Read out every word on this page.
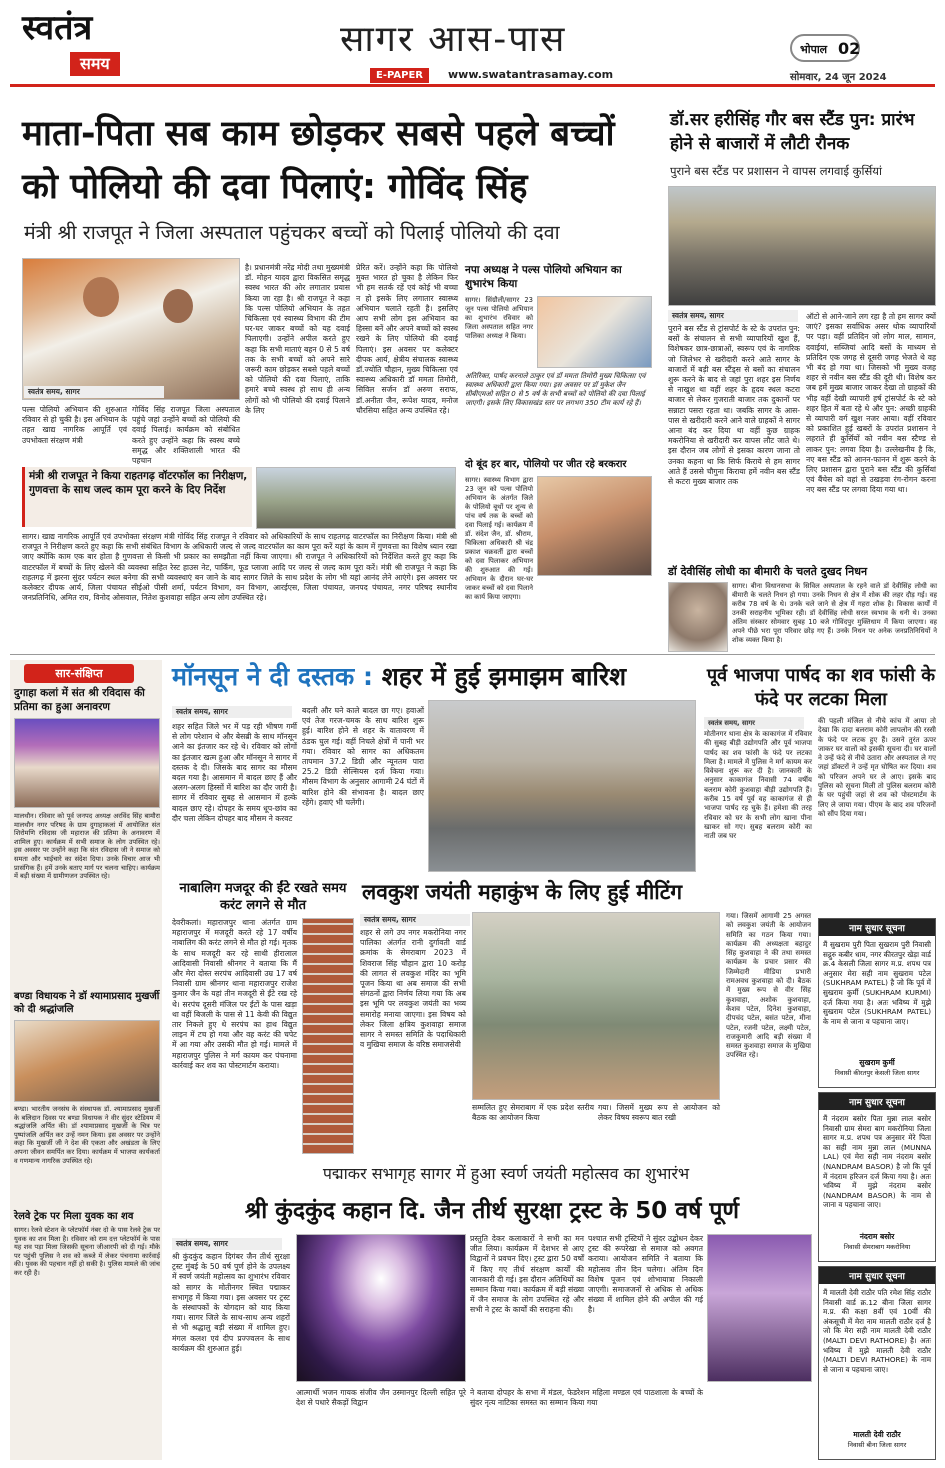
स्वतंत्र
समय
सागर आस-पास
E-PAPER	www.swatantrasamay.com
भोपाल 02
सोमवार, 24 जून 2024
माता-पिता सब काम छोड़कर सबसे पहले बच्चों को पोलियो की दवा पिलाएं: गोविंद सिंह
मंत्री श्री राजपूत ने जिला अस्पताल पहुंचकर बच्चों को पिलाई पोलियो की दवा
स्वतंत्र समय, सागर
पल्स पोलियो अभियान की शुरुआत रविवार से हो चुकी है। इस अभियान के तहत खाद्य नागरिक आपूर्ति एवं उपभोक्ता संरक्षण मंत्री
गोविंद सिंह राजपूत जिला अस्पताल पहुंचे जहां उन्होंने बच्चों को पोलियो की दवाई पिलाई। कार्यक्रम को संबोधित करते हुए उन्होंने कहा कि स्वस्थ बच्चे समृद्ध और शक्तिशाली भारत की पहचान
है। प्रधानमंत्री नरेंद्र मोदी तथा मुख्यमंत्री डॉ. मोहन यादव द्वारा विकसित समृद्ध स्वस्थ भारत की ओर लगातार प्रयास किया जा रहा है। श्री राजपूत ने कहा कि पल्स पोलियो अभियान के तहत चिकित्सा एवं स्वास्थ्य विभाग की टीम घर-घर जाकर बच्चों को यह दवाई पिलाएगी। उन्होंने अपील करते हुए कहा कि सभी माताएं बहन 0 से 5 वर्ष तक के सभी बच्चों को अपने सारे जरूरी काम छोड़कर सबसे पहले बच्चों को पोलियो की दवा पिलाएं, ताकि हमारे बच्चे स्वस्थ हो साथ ही अन्य लोगों को भी पोलियो की दवाई पिलाने के लिए
प्रेरित करें। उन्होंने कहा कि पोलियो मुक्त भारत हो चुका है लेकिन फिर भी हम सतर्क रहें एवं कोई भी बच्चा न हो इसके लिए लगातार स्वास्थ्य अभियान चलाते रहती है। इसलिए आप सभी लोग इस अभियान का हिस्सा बनें और अपने बच्चों को स्वस्थ रखने के लिए पोलियो की दवाई पिलाएं। इस अवसर पर कलेक्टर दीपक आर्य, क्षेत्रीय संचालक स्वास्थ्य डॉ.ज्योति चौहान, मुख्य चिकित्सा एवं स्वास्थ्य अधिकारी डॉ ममता तिमोरी, सिविल सर्जन डॉ अरुण सराफ, डॉ.अनीता जैन, रूपेश यादव, मनोज चौरसिया सहित अन्य उपस्थित रहे।
नपा अध्यक्ष ने पल्स पोलियो अभियान का शुभारंभ किया
सागर। सिंग्रौली/सागर 23 जून पल्स पोलियो अभियान का शुभारंभ रविवार को जिला अस्पताल सहित नगर पालिका अध्यक्ष ने किया।
अतिरिक्त, पार्षद करनाले ठाकुर एवं डॉ ममता तिमोरी मुख्य चिकित्सा एवं स्वास्थ्य अधिकारी द्वारा किया गया। इस अवसर पर डॉ मुकेश जैन सीबीएमओ सहित 0 से 5 वर्ष के सभी बच्चों को पोलियो की दवा पिलाई जाएगी। इसके लिए विकासखंड स्तर पर लगभग 350 टीम कार्य रहे हैं।
दो बूंद हर बार, पोलियो पर जीत रहे बरकरार
सागर। स्वास्थ्य विभाग द्वारा 23 जून को पल्स पोलियो अभियान के अंतर्गत जिले के पोलियो बूथों पर शून्य से पांच वर्ष तक के बच्चों को दवा पिलाई गई। कार्यक्रम में डॉ. संदेश जैन, डॉ. श्रीराम, चिकित्सा अधिकारी श्री चंद्र प्रकाश चक्रवर्ती द्वारा बच्चों को दवा पिलाकर अभियान की शुरुआत की गई। अभियान के दौरान घर-घर जाकर बच्चों को दवा पिलाने का कार्य किया जाएगा।
मंत्री श्री राजपूत ने किया राहतगढ़ वॉटरफॉल का निरीक्षण, गुणवत्ता के साथ जल्द काम पूरा करने के दिए निर्देश
सागर। खाद्य नागरिक आपूर्ति एवं उपभोक्ता संरक्षण मंत्री गोविंद सिंह राजपूत ने रविवार को अधिकारियों के साथ राहतगढ़ वाटरफॉल का निरीक्षण किया। मंत्री श्री राजपूत ने निरीक्षण करते हुए कहा कि सभी संबंधित विभाग के अधिकारी जल्द से जल्द वाटरफॉल का काम पूरा करें यहां के काम में गुणवत्ता का विशेष ध्यान रखा जाए क्योंकि काम एक बार होता है गुणवत्ता से किसी भी प्रकार का समझौता नहीं किया जाएगा। श्री राजपूत ने अधिकारियों को निर्देशित करते हुए कहा कि वाटरफॉल में बच्चों के लिए खेलने की व्यवस्था सहित रेस्ट हाउस नेट, पार्किंग, फूड प्लाजा आदि पर जल्द से जल्द काम पूरा करें। मंत्री श्री राजपूत ने कहा कि राहतगढ़ में झरना सुंदर पर्यटन स्थल बनेगा की सभी व्यवस्थाएं बन जाने के बाद सागर जिले के साथ प्रदेश के लोग भी यहां आनंद लेने आएंगे। इस अवसर पर कलेक्टर दीपक आर्य, जिला पंचायत सीईओ पीसी शर्मा, पर्यटन विभाग, वन विभाग, आरईएस, जिला पंचायत, जनपद पंचायत, नगर परिषद स्थानीय जनप्रतिनिधि, अमित राय, विनोद ओसवाल, नितेश कुशवाहा सहित अन्य लोग उपस्थित रहे।
डॉ.सर हरीसिंह गौर बस स्टैंड पुन: प्रारंभ होने से बाजारों में लौटी रौनक
पुराने बस स्टैंड पर प्रशासन ने वापस लगवाई कुर्सियां
स्वतंत्र समय, सागर
पुराने बस स्टैंड से ट्रांसपोर्ट के स्टे के उपरांत पुन: बसों के संचालन से सभी व्यापारियों खुश हैं, विशेषकर छात्र-छात्राओं, स्वरूप एवं के नागरिक जो जिलेभर से खरीदारी करने आते सागर के बाजारों में बड़ी बस स्टैंड्स से बसों का संचालन शुरू करने के बाद से जहां पुरा शहर इस निर्णय से नाखुश था वहीं शहर के हृदय स्थल कटरा बाजार से लेकर गुजराती बाजार तक दुकानों पर सन्नाटा पसरा रहता था। जबकि सागर के आस-पास से खरीदारी करने आने वाले ग्राहकों ने सागर आना बंद कर दिया था वहीं कुछ ग्राहक मकरोनिया से खरीदारी कर वापस लौट जाते थे। इस दौरान जब लोगों से इसका कारण जाना तो उनका कहना था कि सिर्फ किराये से हम सागर आते हैं उससे चौगुना किराया हमें नवीन बस स्टैंड से कटरा मुख्य बाजार तक
ऑटो से आने-जाने लग रहा है तो हम सागर क्यों जाएं? इसका सर्वाधिक असर थोक व्यापारियों पर पड़ा। वहीं प्रतिदिन जो लोग माल, सामान, दवाईयां, सब्जियां आदि बसों के माध्यम से प्रतिदिन एक जगह से दूसरी जगह भेजते थे वह भी बंद हो गया था। जिसको भी मुख्य वजह शहर से नवीन बस स्टैंड की दूरी थी। विशेष कर जब हमें मुख्य बाजार जाकर देखा तो ग्राहकों की भीड़ वहीं देखी व्यापारी हर्ष ट्रांसपोर्ट के स्टे को शहर हित में बता रहे थे और पुन: अच्छी ग्राहकी से व्यापारी वर्ग खुश नजर आया। वहीं रविवार को प्रकाशित हुई खबरों के उपरांत प्रशासन ने लहराते ही कुर्सियों को नवीन बस स्टैण्ड से लाकर पुन: लगवा दिया है। उल्लेखनीय है कि, नए बस स्टैंड को आनन-फानन में शुरू करने के लिए प्रशासन द्वारा पुराने बस स्टैंड की कुर्सियां एवं बैंचेस को वहां से उखड़वा रंग-रोगन करना नए बस स्टैंड पर लगवा दिया गया था।
डॉ देवीसिंह लोधी का बीमारी के चलते दुखद निधन
सागर। बीना विधानसभा के सिविल अस्पताल के रहने वाले डॉ देवीसिंह लोधी का बीमारी के चलते निधन हो गया। उनके निधन से क्षेत्र में शोक की लहर दौड़ गई। वह करीब 78 वर्ष के थे। उनके चले जाने से क्षेत्र में गहरा शोक है। विकास कार्यों में उनकी सराहनीय भूमिका रही। डॉ देवीसिंह लोधी सरल स्वभाव के धनी थे। उनका अंतिम संस्कार सोमवार सुबह 10 बजे गोविंदपुर मुक्तिधाम में किया जाएगा। वह अपने पीछे भरा पूरा परिवार छोड़ गए हैं। उनके निधन पर अनेक जनप्रतिनिधियों ने शोक व्यक्त किया है।
सार-संक्षिप्त
दुगाहा कलां में संत श्री रविदास की प्रतिमा का हुआ अनावरण
मालथौन। रविवार को पूर्व जनपद अध्यक्ष अरविंद सिंह बामौरा मालथौन नगर परिषद के ग्राम दुगाहाकलां में आयोजित संत शिरोमणि रविदास जी महाराज की प्रतिमा के अनावरण में शामिल हुए। कार्यक्रम में सभी समाज के लोग उपस्थित रहे। इस अवसर पर उन्होंने कहा कि संत रविदास जी ने समाज को समता और भाईचारे का संदेश दिया। उनके विचार आज भी प्रासंगिक हैं। हमें उनके बताए मार्ग पर चलना चाहिए। कार्यक्रम में बड़ी संख्या में ग्रामीणजन उपस्थित रहे।
बण्डा विधायक ने डॉ श्यामाप्रसाद मुखर्जी को दी श्रद्धांजलि
बण्डा। भारतीय जनसंघ के संस्थापक डॉ. श्यामाप्रसाद मुखर्जी के बलिदान दिवस पर बण्डा विधायक ने वीर सुंदर स्टेडियम में श्रद्धांजलि अर्पित की। डॉ श्यामाप्रसाद मुखर्जी के चित्र पर पुष्पांजलि अर्पित कर उन्हें नमन किया। इस अवसर पर उन्होंने कहा कि मुखर्जी जी ने देश की एकता और अखंडता के लिए अपना जीवन समर्पित कर दिया। कार्यक्रम में भाजपा कार्यकर्ता व गणमान्य नागरिक उपस्थित रहे।
रेलवे ट्रेक पर मिला युवक का शव
सागर। रेलवे स्टेशन के प्लेटफॉर्म नंबर दो के पास रेलवे ट्रेक पर युवक का शव मिला है। रविवार को राम दत्त प्लेटफॉर्म के पास यह शव पड़ा मिला जिसकी सूचना जीआरपी को दी गई। मौके पर पहुंची पुलिस ने शव को कब्जे में लेकर पंचनामा कार्रवाई की। युवक की पहचान नहीं हो सकी है। पुलिस मामले की जांच कर रही है।
मॉनसून ने दी दस्तक : शहर में हुई झमाझम बारिश
स्वतंत्र समय, सागर
शहर सहित जिले भर में पड़ रही भीषण गर्मी से लोग परेशान थे और बेसब्री के साथ मॉनसून आने का इंतजार कर रहे थे। रविवार को लोगों का इंतजार खत्म हुआ और मॉनसून ने सागर में दस्तक दे दी। जिसके बाद सागर का मौसम बदल गया है। आसमान में बादल छाए हैं और अलग-अलग हिस्सों में बारिश का दौर जारी है। सागर में रविवार सुबह से आसमान में हल्के बादल छाए रहे। दोपहर के समय धूप-छांव का दौर चला लेकिन दोपहर बाद मौसम ने करवट
बदली और घने काले बादल छा गए। हवाओं एवं तेज गरज-चमक के साथ बारिश शुरू हुई। बारिश होने से शहर के वातावरण में ठंडक घुल गई। वहीं निचले क्षेत्रों में पानी भर गया। रविवार को सागर का अधिकतम तापमान 37.2 डिग्री और न्यूनतम पारा 25.2 डिग्री सेल्सियस दर्ज किया गया। मौसम विभाग के अनुसार आगामी 24 घंटों में बारिश होने की संभावना है। बादल छाए रहेंगे। हवाएं भी चलेंगी।
पूर्व भाजपा पार्षद का शव फांसी के फंदे पर लटका मिला
स्वतंत्र समय, सागर
मोतीनगर थाना क्षेत्र के काकागंज में रविवार की सुबह बीड़ी उद्योगपति और पूर्व भाजपा पार्षद का शव फांसी के फंदे पर लटका मिला है। मामले में पुलिस ने मर्ग कायम कर विवेचना शुरू कर दी है। जानकारी के अनुसार काकागंज निवासी 74 वर्षीय बलराम कोरी कुशवाहा बीड़ी उद्योगपति हैं। करीब 15 वर्ष पूर्व वह काकागंज से ही भाजपा पार्षद रह चुके हैं। हमेशा की तरह रविवार को घर के सभी लोग खाना पीना खाकर सो गए। सुबह बलराम कोरी का नाती जब घर
की पहली मंजिल से नीचे कांच में आया तो देखा कि दादा बलराम कोरी लापलोन की रस्सी के फंदे पर लटक हुए हैं। उसने तुरंत ऊपर जाकर घर वालों को इसकी सूचना दी। घर वालों ने उन्हें फंदे से नीचे उतारा और अस्पताल ले गए जहां डॉक्टरों ने उन्हें मृत घोषित कर दिया। शव को परिजन अपने घर ले आए। इसके बाद पुलिस को सूचना मिली तो पुलिस बलराम कोरी के घर पहुंची जहां से शव को पोस्टमार्टम के लिए ले जाया गया। पीएम के बाद शव परिजनों को सौंप दिया गया।
नाबालिग मजदूर की ईंटे रखते समय करंट लगने से मौत
देवरीकलां। महाराजपुर थाना अंतर्गत ग्राम महाराजपुर में मजदूरी करते रहे 17 वर्षीय नाबालिग की करंट लगने से मौत हो गई। मृतक के साथ मजदूरी कर रहे साथी हीरालाल आदिवासी निवासी श्रीनगर ने बताया कि मैं और मेरा दोस्त सरपंच आदिवासी उम्र 17 वर्ष निवासी ग्राम श्रीनगर थाना महाराजपुर राजेश कुमार जैन के यहां तीन मजदूरी से ईंटे रख रहे थे। सरपंच दूसरी मंजिल पर ईंटों के पास खड़ा था वहीं बिजली के पास से 11 केवी की विद्युत तार निकले हुए थे सरपंच का हाथ विद्युत लाइन में टच हो गया और वह करंट की चपेट में आ गया और उसकी मौत हो गई। मामले में महाराजपुर पुलिस ने मर्ग कायम कर पंचनामा कार्रवाई कर शव का पोस्टमार्टम कराया।
लवकुश जयंती महाकुंभ के लिए हुई मीटिंग
स्वतंत्र समय, सागर
शहर से लगे उप नगर मकरोनिया नगर पालिका अंतर्गत रानी दुर्गावती वार्ड क्रमांक के सेमराबाग 2023 में शिवराज सिंह चौहान द्वारा 10 करोड़ की लागत से लवकुश मंदिर का भूमि पूजन किया था अब समाज की सभी संगठनों द्वारा निर्णय लिया गया कि अब इस भूमि पर लवकुश जयंती का भव्य समारोह मनाया जाएगा। इस विषय को लेकर जिला क्षत्रिय कुशवाहा समाज सागर ने समस्त समिति के पदाधिकारी व मुखिया समाज के वरिष्ठ समाजसेवी
सम्मलित हुए सेमराबाग में एक प्रदेश स्तरीय बैठक का आयोजन किया
गया। जिसमें मुख्य रूप से आयोजन को लेकर विषय स्वरूप बात रखी
गया। जिसमें आगामी 25 अगस्त को लवकुश जयंती के आयोजन समिति का गठन किया गया। कार्यक्रम की अध्यक्षता बहादुर सिंह कुशवाहा ने की तथा समस्त कार्यक्रम के प्रचार प्रसार की जिम्मेदारी मीडिया प्रभारी रामअवध कुशवाहा को दी। बैठक में मुख्य रूप से वीर सिंह कुशवाहा, अशोक कुशवाहा, केशव पटेल, दिनेश कुशवाहा, दीपचंद पटेल, बसंत पटेल, मीना पटेल, रजनी पटेल, लक्ष्मी पटेल, राजकुमारी आदि बड़ी संख्या में समस्त कुशवाहा समाज के मुखिया उपस्थित रहे।
नाम सुधार सूचना
मैं सुखराम पुरी पिता सुखराम पुरी निवासी सद्गुरु कबीर धाम, नगर कीरतपुर खेड़ा वार्ड क्र.4 केसली जिला सागर म.प्र. शपथ पत्र अनुसार मेरा सही नाम सुखराम पटेल (SUKHRAM PATEL) है जो कि पूर्व में सुखराम कुर्मी (SUKHRAM KURMI) दर्ज किया गया है। अतः भविष्य में मुझे सुखराम पटेल (SUKHRAM PATEL) के नाम से जाना व पहचाना जाए।
सुखराम कुर्मी
निवासी कीरतपुर केसली जिला सागर
नाम सुधार सूचना
मैं नंदराम बसोर पिता मुन्ना लाल बसोर निवासी ग्राम सेमरा बाग मकरोनिया जिला सागर म.प्र. शपथ पत्र अनुसार मेरे पिता का सही नाम मुन्ना लाल (MUNNA LAL) एवं मेरा सही नाम नंदराम बसोर (NANDRAM BASOR) है जो कि पूर्व में नंदराम हरिजन दर्ज किया गया है। अतः भविष्य में मुझे नंदराम बसोर (NANDRAM BASOR) के नाम से जाना व पहचाना जाए।
नंदराम बसोर
निवासी सेमराबाग मकरोनिया
नाम सुधार सूचना
मैं मालती देवी राठौर पति रमेश सिंह राठौर निवासी वार्ड क्र.12 बीना जिला सागर म.प्र. की कक्षा 8वीं एवं 10वीं की अंकसूची में मेरा नाम मालती राठौर दर्ज है जो कि मेरा सही नाम मालती देवी राठौर (MALTI DEVI RATHORE) है। अतः भविष्य में मुझे मालती देवी राठौर (MALTI DEVI RATHORE) के नाम से जाना व पहचाना जाए।
मालती देवी राठौर
निवासी बीना जिला सागर
पद्माकर सभागृह सागर में हुआ स्वर्ण जयंती महोत्सव का शुभारंभ
श्री कुंदकुंद कहान दि. जैन तीर्थ सुरक्षा ट्रस्ट के 50 वर्ष पूर्ण
स्वतंत्र समय, सागर
श्री कुंदकुंद कहान दिगंबर जैन तीर्थ सुरक्षा ट्रस्ट मुंबई के 50 वर्ष पूर्ण होने के उपलक्ष्य में स्वर्ण जयंती महोत्सव का शुभारंभ रविवार को सागर के मोतीनगर स्थित पद्माकर सभागृह में किया गया। इस अवसर पर ट्रस्ट के संस्थापकों के योगदान को याद किया गया। सागर जिले के साथ-साथ अन्य शहरों से भी श्रद्धालु बड़ी संख्या में शामिल हुए। मंगल कलश एवं दीप प्रज्ज्वलन के साथ कार्यक्रम की शुरुआत हुई।
प्रस्तुति देकर कलाकारों ने सभी का मन जीत लिया। कार्यक्रम में देशभर से आए विद्वानों ने प्रवचन दिए। ट्रस्ट द्वारा 50 वर्षों में किए गए तीर्थ संरक्षण कार्यों की जानकारी दी गई। इस दौरान अतिथियों का सम्मान किया गया। कार्यक्रम में बड़ी संख्या में जैन समाज के लोग उपस्थित रहे और सभी ने ट्रस्ट के कार्यों की सराहना की।
पश्चात सभी ट्रस्टियों ने सुंदर उद्बोधन देकर ट्रस्ट की रूपरेखा से समाज को अवगत कराया। आयोजन समिति ने बताया कि महोत्सव तीन दिन चलेगा। अंतिम दिन विशेष पूजन एवं शोभायात्रा निकाली जाएगी। समाजजनों से अधिक से अधिक संख्या में शामिल होने की अपील की गई है।
आत्मार्थी भजन गायक संजीव जैन उस्मानपुर दिल्ली सहित पूरे देश से पधारे सैकड़ों विद्वान
ने बताया दोपहर के सभा में मंडल, फेडरेशन महिला मण्डल एवं पाठशाला के बच्चों के सुंदर नृत्य नाटिका समस्त का सम्मान किया गया
